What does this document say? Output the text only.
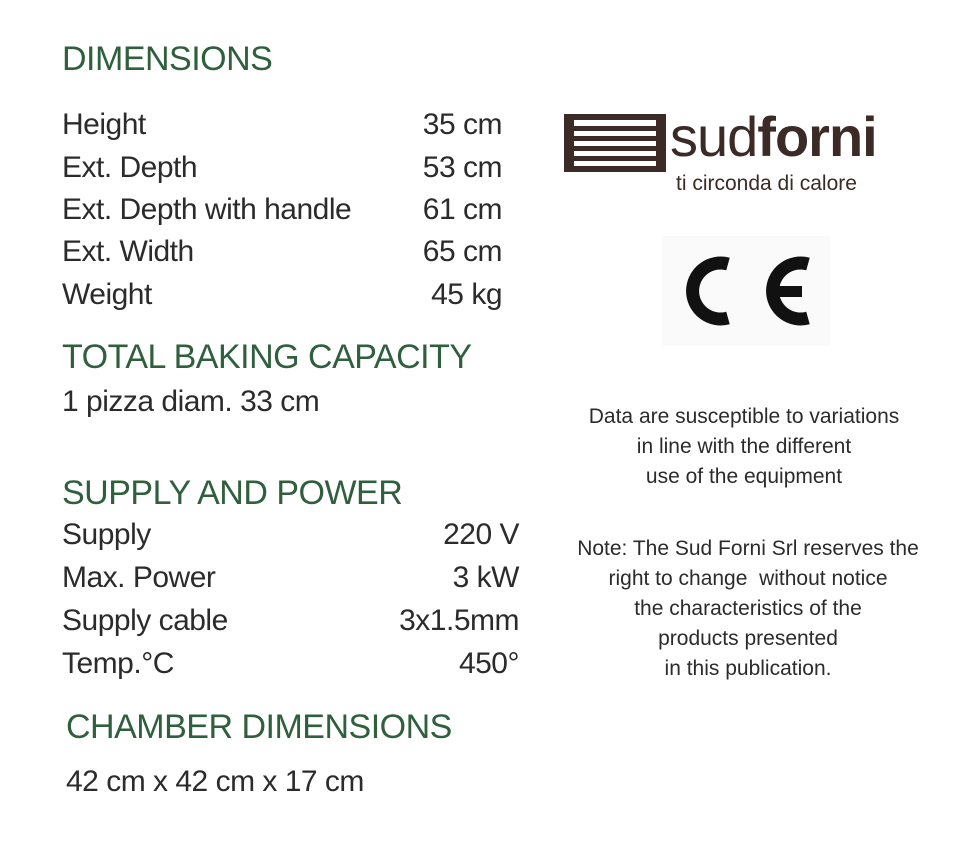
DIMENSIONS
Height	35 cm
Ext. Depth	53 cm
Ext. Depth with handle 61 cm
Ext. Width	65 cm
Weight	45 kg
TOTAL BAKING CAPACITY
1 pizza diam. 33 cm
SUPPLY AND POWER
Supply	220 V
Max. Power	3 kW
Supply cable	3x1.5mm
Temp.°C	450°
CHAMBER DIMENSIONS
42 cm x 42 cm x 17 cm
sudforni
ti circonda di calore
Data are susceptible to variations
in line with the different
use of the equipment
Note: The Sud Forni Srl reserves the
right to change  without notice
the characteristics of the
products presented
in this publication.
